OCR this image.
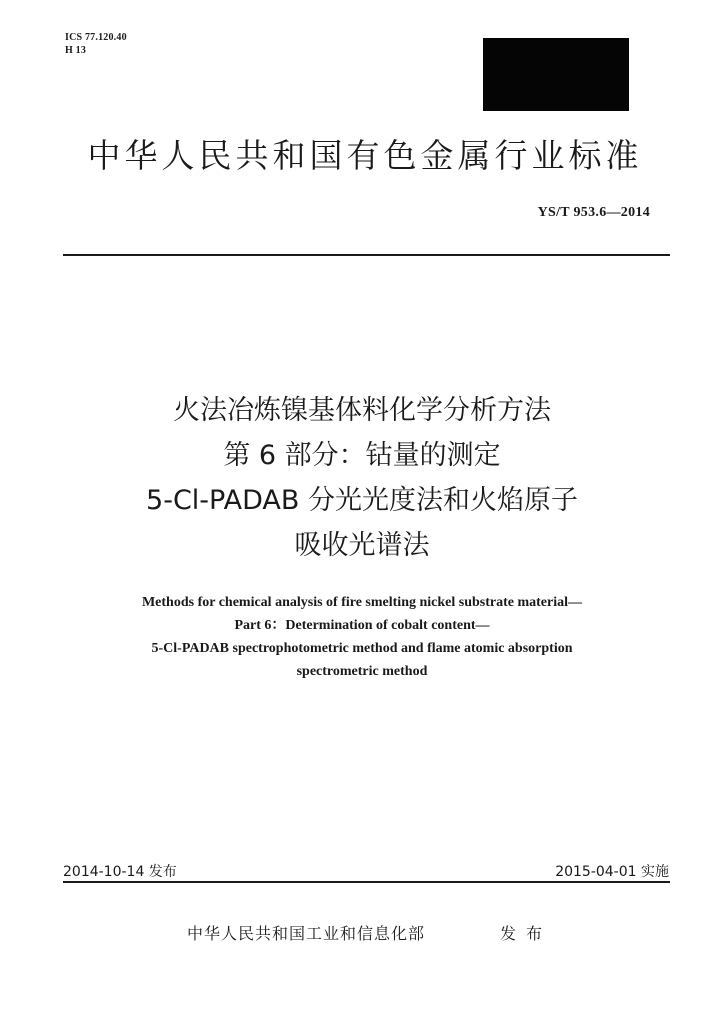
ICS 77.120.40
H 13
中华人民共和国有色金属行业标准
YS/T 953.6—2014
火法冶炼镍基体料化学分析方法
第 6 部分：钴量的测定
5-Cl-PADAB 分光光度法和火焰原子
吸收光谱法
Methods for chemical analysis of fire smelting nickel substrate material—
Part 6：Determination of cobalt content—
5-Cl-PADAB spectrophotometric method and flame atomic absorption
spectrometric method
2014-10-14 发布	2015-04-01 实施
中华人民共和国工业和信息化部	发布
